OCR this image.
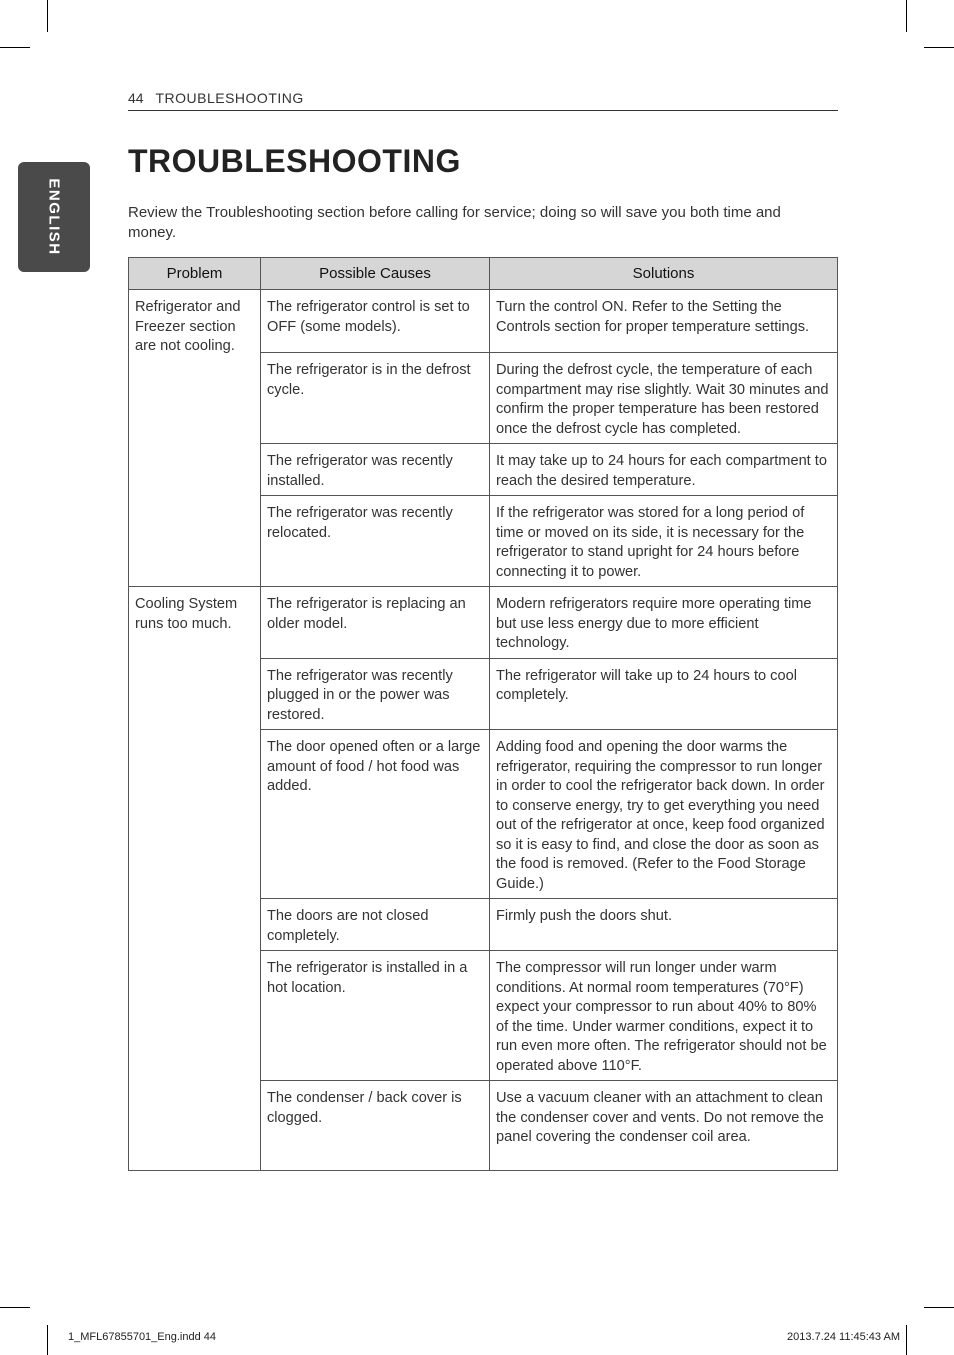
ENGLISH
44 TROUBLESHOOTING
TROUBLESHOOTING

Review the Troubleshooting section before calling for service; doing so will save you both time and money.

Problem	Possible Causes	Solutions
Refrigerator and Freezer section are not cooling.	The refrigerator control is set to OFF (some models).	Turn the control ON. Refer to the Setting the Controls section for proper temperature settings.
	The refrigerator is in the defrost cycle.	During the defrost cycle, the temperature of each compartment may rise slightly. Wait 30 minutes and confirm the proper temperature has been restored once the defrost cycle has completed.
	The refrigerator was recently installed.	It may take up to 24 hours for each compartment to reach the desired temperature.
	The refrigerator was recently relocated.	If the refrigerator was stored for a long period of time or moved on its side, it is necessary for the refrigerator to stand upright for 24 hours before connecting it to power.
Cooling System runs too much.	The refrigerator is replacing an older model.	Modern refrigerators require more operating time but use less energy due to more efficient technology.
	The refrigerator was recently plugged in or the power was restored.	The refrigerator will take up to 24 hours to cool completely.
	The door opened often or a large amount of food / hot food was added.	Adding food and opening the door warms the refrigerator, requiring the compressor to run longer in order to cool the refrigerator back down. In order to conserve energy, try to get everything you need out of the refrigerator at once, keep food organized so it is easy to find, and close the door as soon as the food is removed. (Refer to the Food Storage Guide.)
	The doors are not closed completely.	Firmly push the doors shut.
	The refrigerator is installed in a hot location.	The compressor will run longer under warm conditions. At normal room temperatures (70°F) expect your compressor to run about 40% to 80% of the time. Under warmer conditions, expect it to run even more often. The refrigerator should not be operated above 110°F.
	The condenser / back cover is clogged.	Use a vacuum cleaner with an attachment to clean the condenser cover and vents. Do not remove the panel covering the condenser coil area.
1_MFL67855701_Eng.indd 44	2013.7.24 11:45:43 AM
